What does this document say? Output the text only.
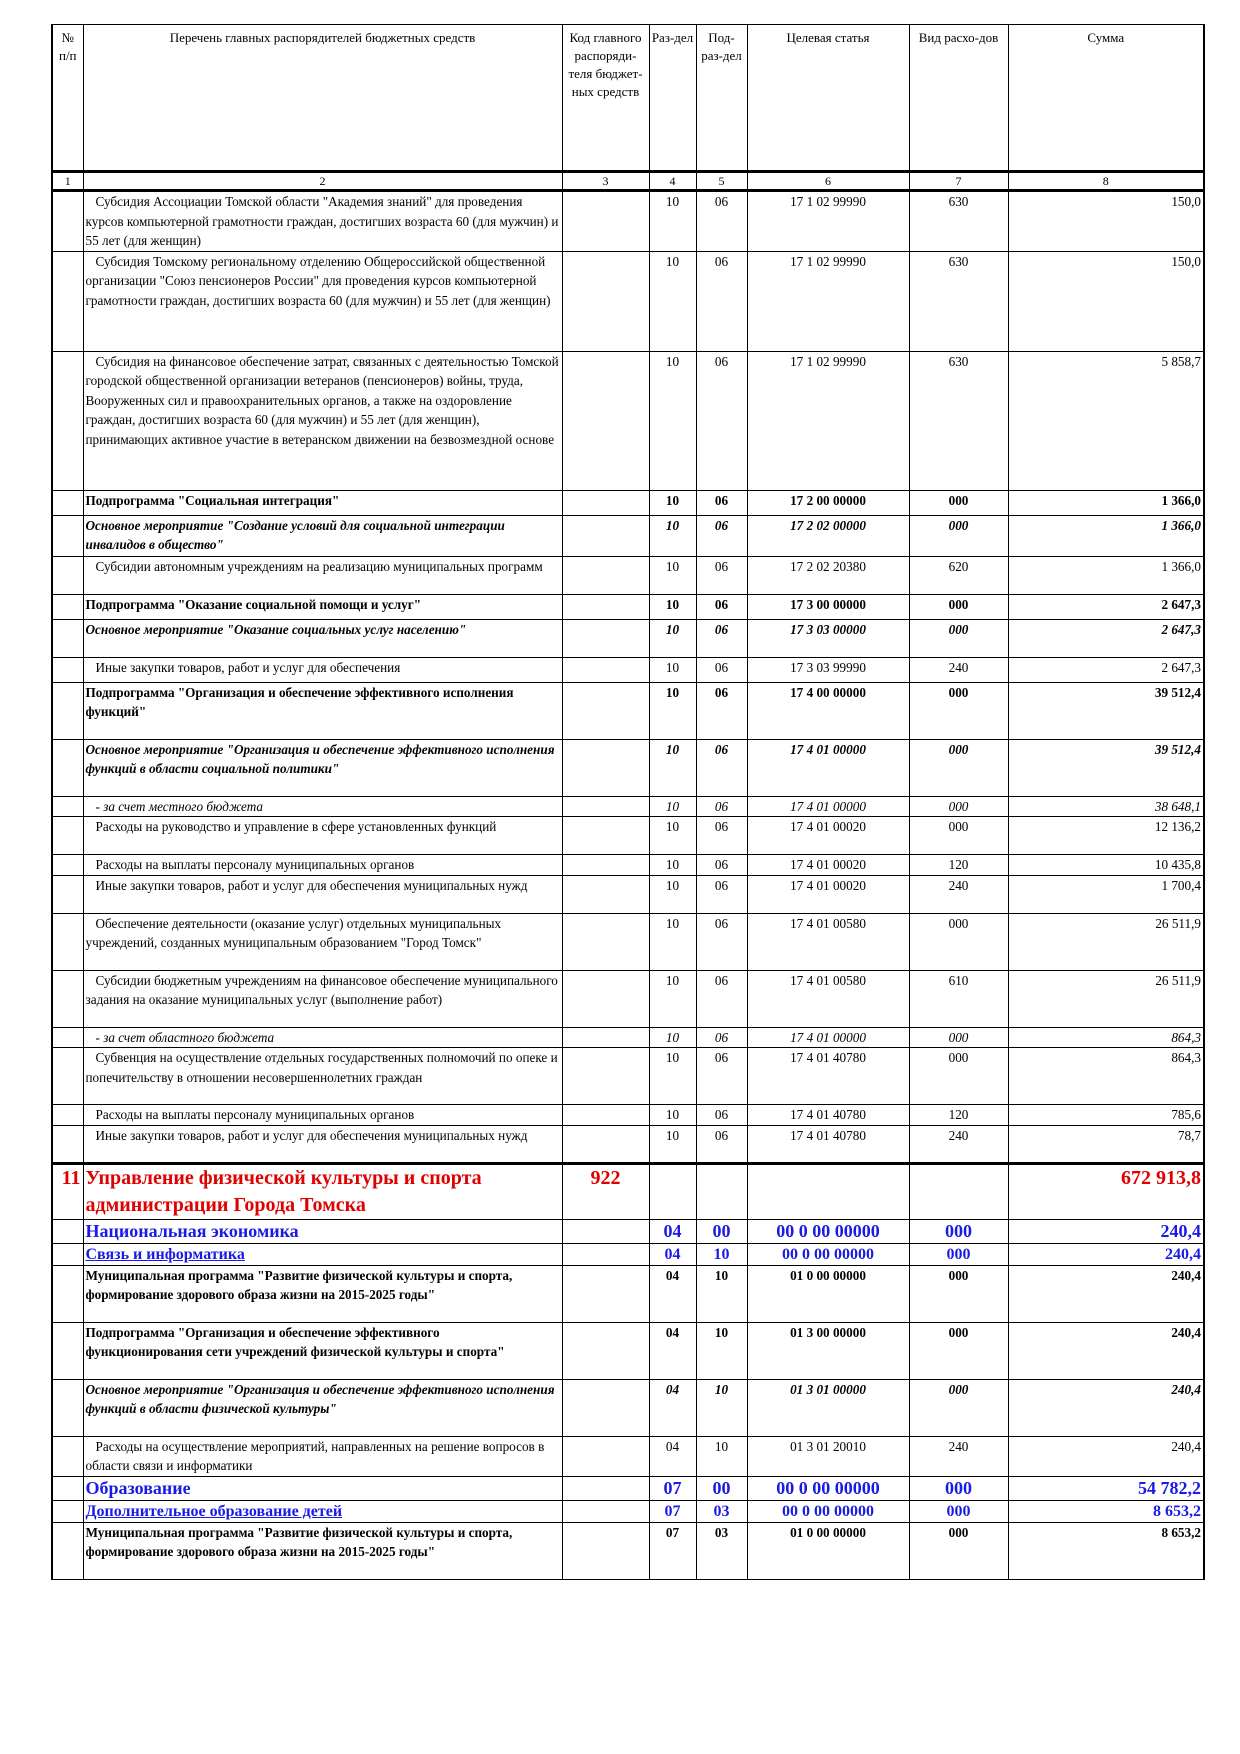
№ п/п	Перечень главных распорядителей бюджетных средств	Код главного распоряди-теля бюджет-ных средств	Раз-дел	Под-раз-дел	Целевая статья	Вид расхо-дов	Сумма
1	2	3	4	5	6	7	8
	Субсидия Ассоциации Томской области "Академия знаний" для проведения курсов компьютерной грамотности граждан, достигших возраста 60 (для мужчин) и 55 лет (для женщин)		10	06	17 1 02 99990	630	150,0
	Субсидия Томскому региональному отделению Общероссийской общественной организации "Союз пенсионеров России" для проведения курсов компьютерной грамотности граждан, достигших возраста 60 (для мужчин) и 55 лет (для женщин)		10	06	17 1 02 99990	630	150,0
	Субсидия на финансовое обеспечение затрат, связанных с деятельностью Томской городской общественной организации ветеранов (пенсионеров) войны, труда, Вооруженных сил и правоохранительных органов, а также на оздоровление граждан, достигших возраста 60 (для мужчин) и 55 лет (для женщин), принимающих активное участие в ветеранском движении на безвозмездной основе		10	06	17 1 02 99990	630	5 858,7
	Подпрограмма "Социальная интеграция"		10	06	17 2 00 00000	000	1 366,0
	Основное мероприятие "Создание условий для социальной интеграции инвалидов в общество"		10	06	17 2 02 00000	000	1 366,0
	Субсидии автономным учреждениям на реализацию муниципальных программ		10	06	17 2 02 20380	620	1 366,0
	Подпрограмма "Оказание социальной помощи и услуг"		10	06	17 3 00 00000	000	2 647,3
	Основное мероприятие "Оказание социальных услуг населению"		10	06	17 3 03 00000	000	2 647,3
	Иные закупки товаров, работ и услуг для обеспечения		10	06	17 3 03 99990	240	2 647,3
	Подпрограмма "Организация и обеспечение эффективного исполнения функций"		10	06	17 4 00 00000	000	39 512,4
	Основное мероприятие "Организация и обеспечение эффективного исполнения функций в области социальной политики"		10	06	17 4 01 00000	000	39 512,4
	- за счет местного бюджета		10	06	17 4 01 00000	000	38 648,1
	Расходы на руководство и управление в сфере установленных функций		10	06	17 4 01 00020	000	12 136,2
	Расходы на выплаты персоналу муниципальных органов		10	06	17 4 01 00020	120	10 435,8
	Иные закупки товаров, работ и услуг для обеспечения муниципальных нужд		10	06	17 4 01 00020	240	1 700,4
	Обеспечение деятельности (оказание услуг) отдельных муниципальных учреждений, созданных муниципальным образованием "Город Томск"		10	06	17 4 01 00580	000	26 511,9
	Субсидии бюджетным учреждениям на финансовое обеспечение муниципального задания на оказание муниципальных услуг (выполнение работ)		10	06	17 4 01 00580	610	26 511,9
	- за счет областного бюджета		10	06	17 4 01 00000	000	864,3
	Субвенция на осуществление отдельных государственных полномочий по опеке и попечительству в отношении несовершеннолетних граждан		10	06	17 4 01 40780	000	864,3
	Расходы на выплаты персоналу муниципальных органов		10	06	17 4 01 40780	120	785,6
	Иные закупки товаров, работ и услуг для обеспечения муниципальных нужд		10	06	17 4 01 40780	240	78,7
11	Управление физической культуры и спорта администрации Города Томска	922					672 913,8
	Национальная экономика		04	00	00 0 00 00000	000	240,4
	Связь и информатика		04	10	00 0 00 00000	000	240,4
	Муниципальная программа "Развитие физической культуры и спорта, формирование здорового образа жизни на 2015-2025 годы"		04	10	01 0 00 00000	000	240,4
	Подпрограмма "Организация и обеспечение эффективного функционирования сети учреждений физической культуры и спорта"		04	10	01 3 00 00000	000	240,4
	Основное мероприятие "Организация и обеспечение эффективного исполнения функций в области физической культуры"		04	10	01 3 01 00000	000	240,4
	Расходы на осуществление мероприятий, направленных на решение вопросов в области связи и информатики		04	10	01 3 01 20010	240	240,4
	Образование		07	00	00 0 00 00000	000	54 782,2
	Дополнительное образование детей		07	03	00 0 00 00000	000	8 653,2
	Муниципальная программа "Развитие физической культуры и спорта, формирование здорового образа жизни на 2015-2025 годы"		07	03	01 0 00 00000	000	8 653,2
